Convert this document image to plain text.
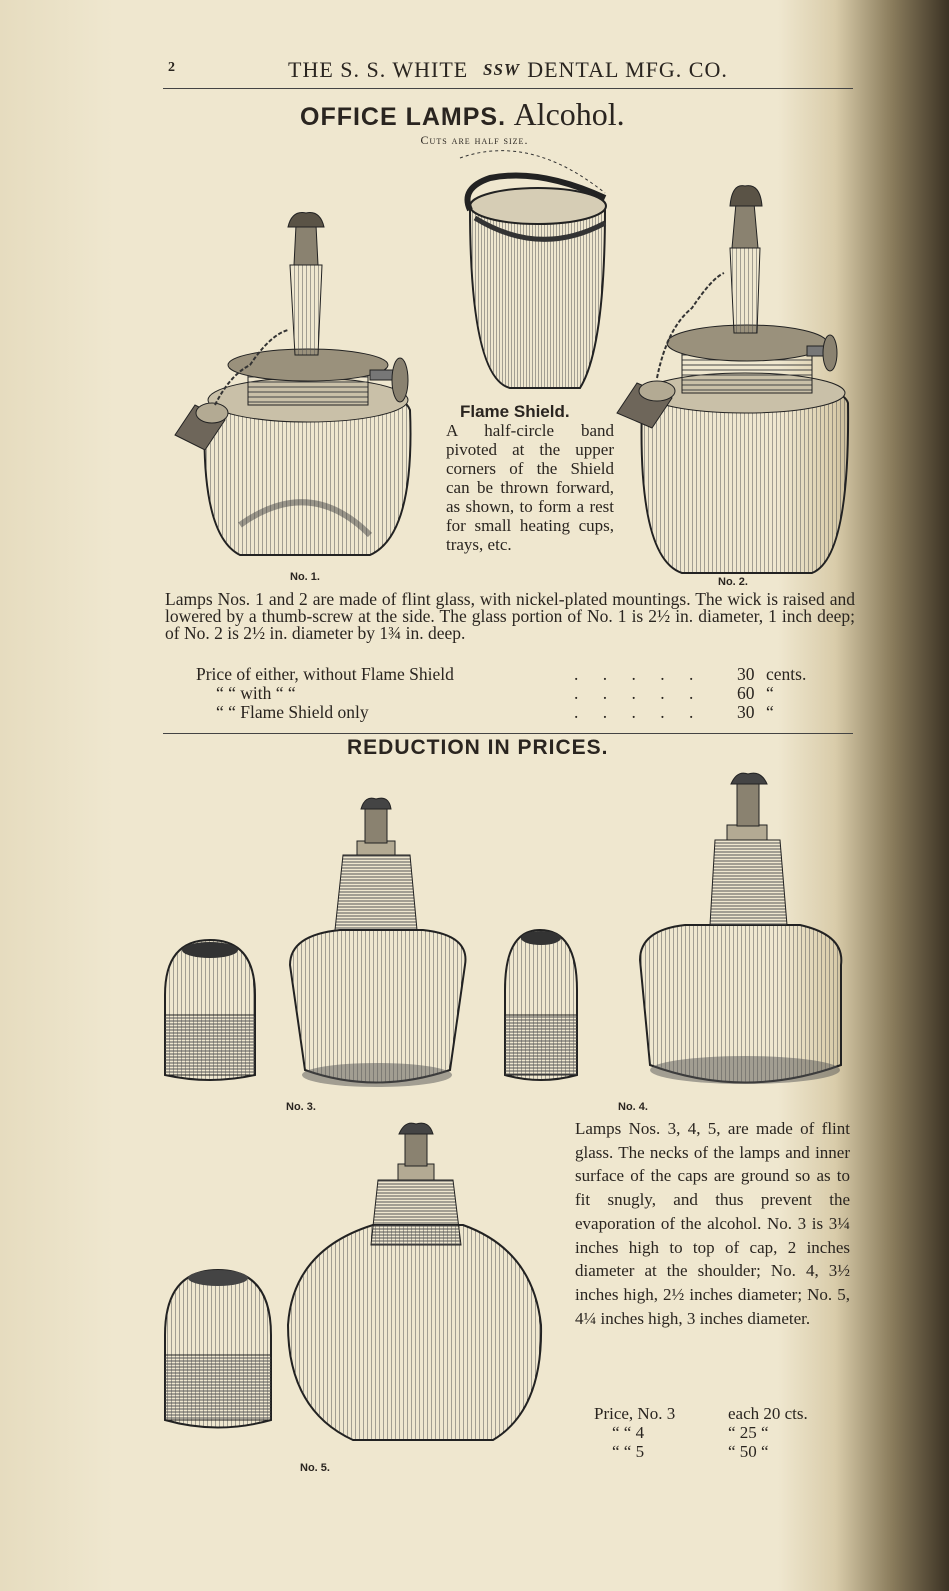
2	THE S. S. WHITE SSW DENTAL MFG. CO.
OFFICE LAMPS. Alcohol.
Cuts are half size.
No. 1.
Flame Shield.
A half-circle band pivoted at the upper corners of the Shield can be thrown forward, as shown, to form a rest for small heating cups, trays, etc.
No. 2.
Lamps Nos. 1 and 2 are made of flint glass, with nickel-plated mountings. The wick is raised and lowered by a thumb-screw at the side. The glass portion of No. 1 is 2½ in. diameter, 1 inch deep; of No. 2 is 2½ in. diameter by 1¾ in. deep.
Price of either, without Flame Shield	. . . . . 30 cents.
“ “ with “ “	. . . . . 60 “
“ “ Flame Shield only	. . . . . 30 “
REDUCTION IN PRICES.
No. 3.	No. 4.
No. 5.
Lamps Nos. 3, 4, 5, are made of flint glass. The necks of the lamps and inner surface of the caps are ground so as to fit snugly, and thus prevent the evaporation of the alcohol. No. 3 is 3¼ inches high to top of cap, 2 inches diameter at the shoulder; No. 4, 3½ inches high, 2½ inches diameter; No. 5, 4¼ inches high, 3 inches diameter.
Price, No. 3	each 20 cts.
“ “ 4	“ 25 “
“ “ 5	“ 50 “
